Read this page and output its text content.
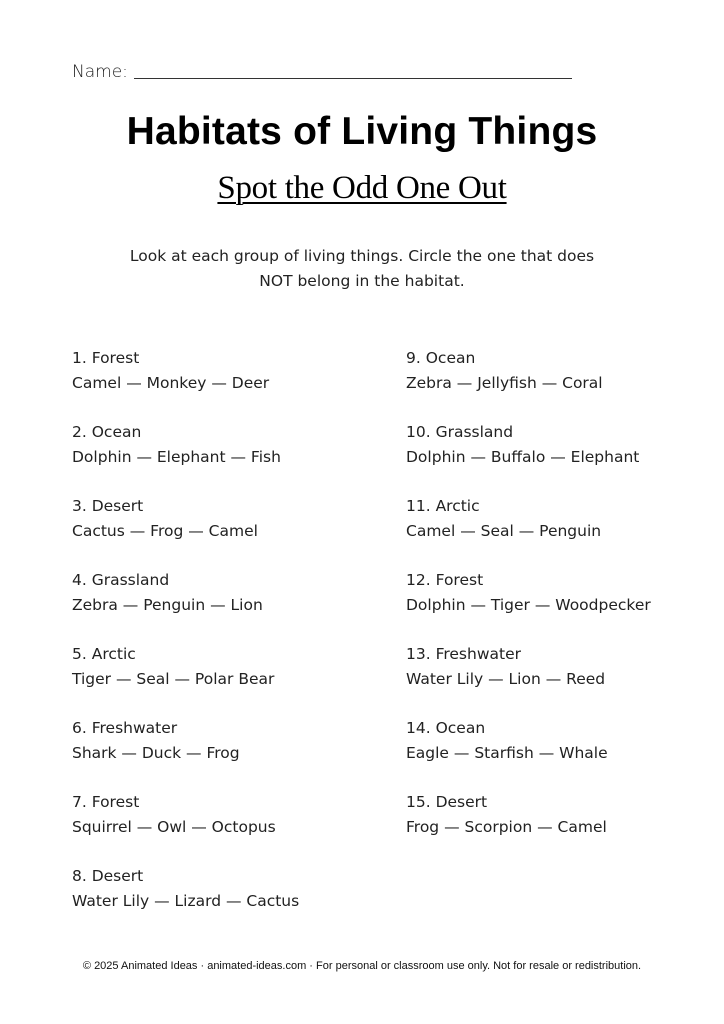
Name:
Habitats of Living Things
Spot the Odd One Out
Look at each group of living things. Circle the one that does
NOT belong in the habitat.
1. Forest
Camel — Monkey — Deer
2. Ocean
Dolphin — Elephant — Fish
3. Desert
Cactus — Frog — Camel
4. Grassland
Zebra — Penguin — Lion
5. Arctic
Tiger — Seal — Polar Bear
6. Freshwater
Shark — Duck — Frog
7. Forest
Squirrel — Owl — Octopus
8. Desert
Water Lily — Lizard — Cactus
9. Ocean
Zebra — Jellyfish — Coral
10. Grassland
Dolphin — Buffalo — Elephant
11. Arctic
Camel — Seal — Penguin
12. Forest
Dolphin — Tiger — Woodpecker
13. Freshwater
Water Lily — Lion — Reed
14. Ocean
Eagle — Starfish — Whale
15. Desert
Frog — Scorpion — Camel
© 2025 Animated Ideas · animated-ideas.com · For personal or classroom use only. Not for resale or redistribution.
